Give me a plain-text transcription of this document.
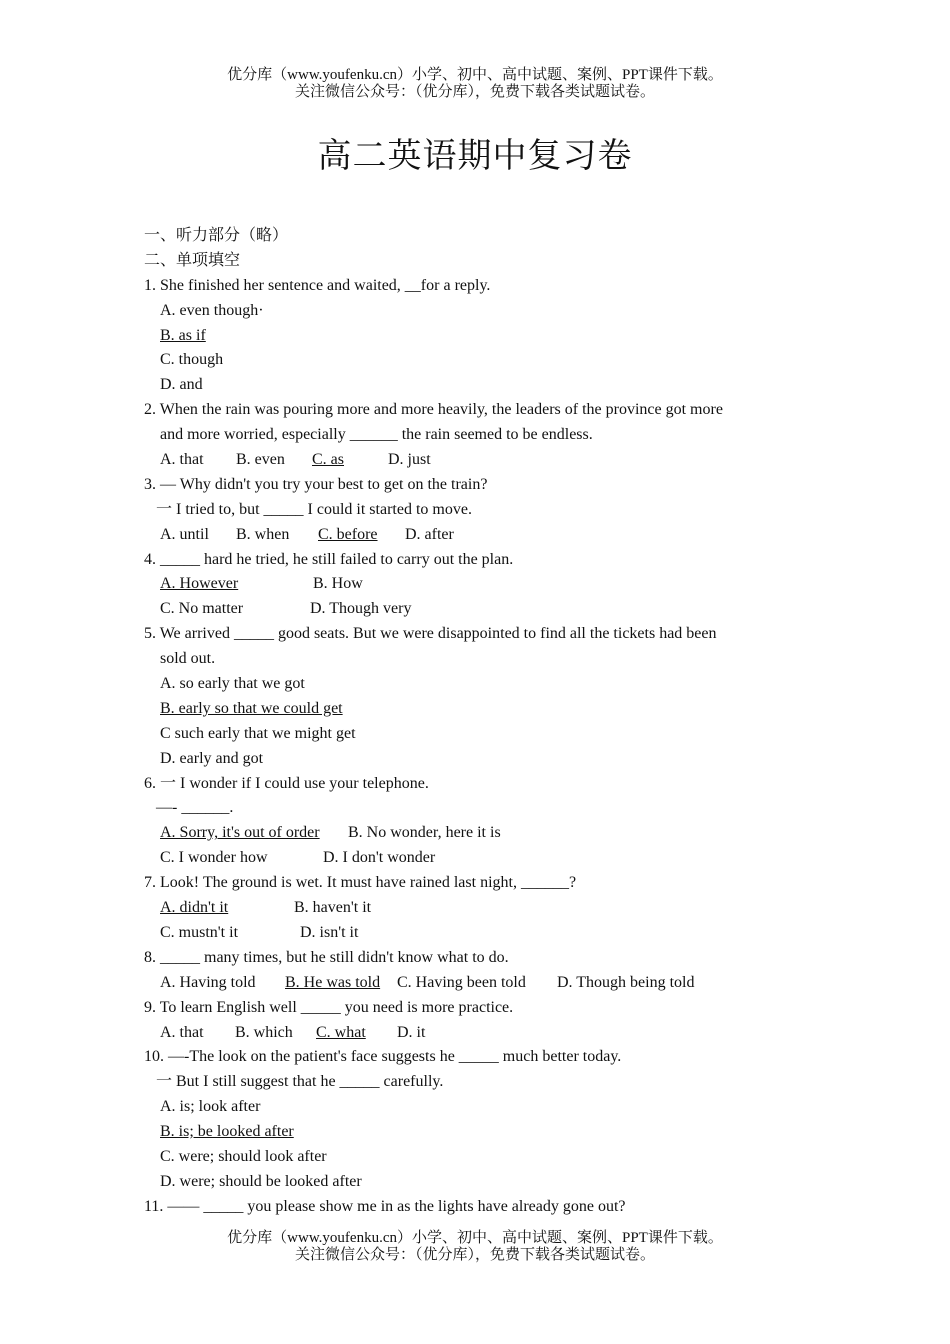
优分库（www.youfenku.cn）小学、初中、高中试题、案例、PPT课件下载。
关注微信公众号：（优分库），免费下载各类试题试卷。
高二英语期中复习卷
一、听力部分（略）
二、单项填空
1. She finished her sentence and waited, __for a reply.
A. even though·
B. as if
C. though
D. and
2. When the rain was pouring more and more heavily, the leaders of the province got more
and more worried, especially ______ the rain seemed to be endless.
A. that B. even C. as	D. just
3. — Why didn't you try your best to get on the train?
一 I tried to, but _____ I could it started to move.
A. until B. when C. before D. after
4. _____ hard he tried, he still failed to carry out the plan.
A. However	B. How
C. No matter	D. Though very
5. We arrived _____ good seats. But we were disappointed to find all the tickets had been
sold out.
A. so early that we got
B. early so that we could get
C such early that we might get
D. early and got
6. 一 I wonder if I could use your telephone.
—- ______.
A. Sorry, it's out of order B. No wonder, here it is
C. I wonder how	D. I don't wonder
7. Look! The ground is wet. It must have rained last night, ______?
A. didn't it	B. haven't it
C. mustn't it	D. isn't it
8. _____ many times, but he still didn't know what to do.
A. Having told B. He was told C. Having been told D. Though being told
9. To learn English well _____ you need is more practice.
A. that B. which C. what D. it
10. —-The look on the patient's face suggests he _____ much better today.
一 But I still suggest that he _____ carefully.
A. is; look after
B. is; be looked after
C. were; should look after
D. were; should be looked after
11. —— _____ you please show me in as the lights have already gone out?
优分库（www.youfenku.cn）小学、初中、高中试题、案例、PPT课件下载。
关注微信公众号：（优分库），免费下载各类试题试卷。
